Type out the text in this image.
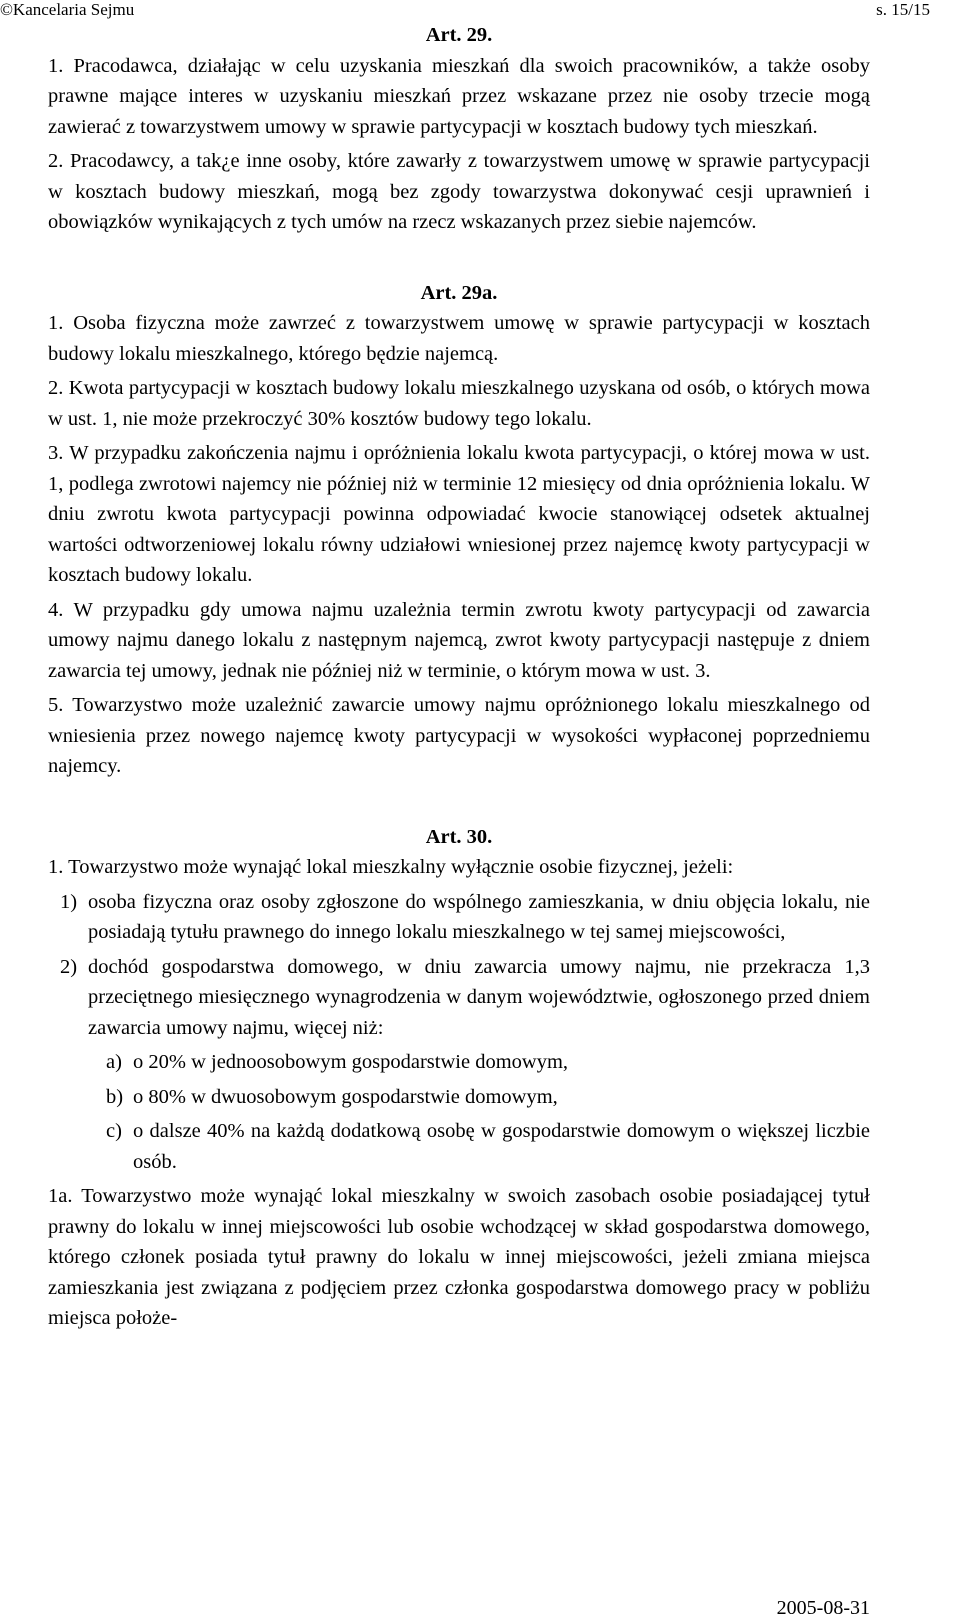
©Kancelaria Sejmu	s. 15/15

Art. 29.

1. Pracodawca, działając w celu uzyskania mieszkań dla swoich pracowników, a także osoby prawne mające interes w uzyskaniu mieszkań przez wskazane przez nie osoby trzecie mogą zawierać z towarzystwem umowy w sprawie partycypacji w kosztach budowy tych mieszkań.

2. Pracodawcy, a tak¿e inne osoby, które zawarły z towarzystwem umowę w sprawie partycypacji w kosztach budowy mieszkań, mogą bez zgody towarzystwa dokonywać cesji uprawnień i obowiązków wynikających z tych umów na rzecz wskazanych przez siebie najemców.

Art. 29a.

1. Osoba fizyczna może zawrzeć z towarzystwem umowę w sprawie partycypacji w kosztach budowy lokalu mieszkalnego, którego będzie najemcą.

2. Kwota partycypacji w kosztach budowy lokalu mieszkalnego uzyskana od osób, o których mowa w ust. 1, nie może przekroczyć 30% kosztów budowy tego lokalu.

3. W przypadku zakończenia najmu i opróżnienia lokalu kwota partycypacji, o której mowa w ust. 1, podlega zwrotowi najemcy nie później niż w terminie 12 miesięcy od dnia opróżnienia lokalu. W dniu zwrotu kwota partycypacji powinna odpowiadać kwocie stanowiącej odsetek aktualnej wartości odtworzeniowej lokalu równy udziałowi wniesionej przez najemcę kwoty partycypacji w kosztach budowy lokalu.

4. W przypadku gdy umowa najmu uzależnia termin zwrotu kwoty partycypacji od zawarcia umowy najmu danego lokalu z następnym najemcą, zwrot kwoty partycypacji następuje z dniem zawarcia tej umowy, jednak nie później niż w terminie, o którym mowa w ust. 3.

5. Towarzystwo może uzależnić zawarcie umowy najmu opróżnionego lokalu mieszkalnego od wniesienia przez nowego najemcę kwoty partycypacji w wysokości wypłaconej poprzedniemu najemcy.

Art. 30.

1. Towarzystwo może wynająć lokal mieszkalny wyłącznie osobie fizycznej, jeżeli:

1) osoba fizyczna oraz osoby zgłoszone do wspólnego zamieszkania, w dniu objęcia lokalu, nie posiadają tytułu prawnego do innego lokalu mieszkalnego w tej samej miejscowości,
2) dochód gospodarstwa domowego, w dniu zawarcia umowy najmu, nie przekracza 1,3 przeciętnego miesięcznego wynagrodzenia w danym województwie, ogłoszonego przed dniem zawarcia umowy najmu, więcej niż:
a) o 20% w jednoosobowym gospodarstwie domowym,
b) o 80% w dwuosobowym gospodarstwie domowym,
c) o dalsze 40% na każdą dodatkową osobę w gospodarstwie domowym o większej liczbie osób.

1a. Towarzystwo może wynająć lokal mieszkalny w swoich zasobach osobie posiadającej tytuł prawny do lokalu w innej miejscowości lub osobie wchodzącej w skład gospodarstwa domowego, którego członek posiada tytuł prawny do lokalu w innej miejscowości, jeżeli zmiana miejsca zamieszkania jest związana z podjęciem przez członka gospodarstwa domowego pracy w pobliżu miejsca położe-

2005-08-31
